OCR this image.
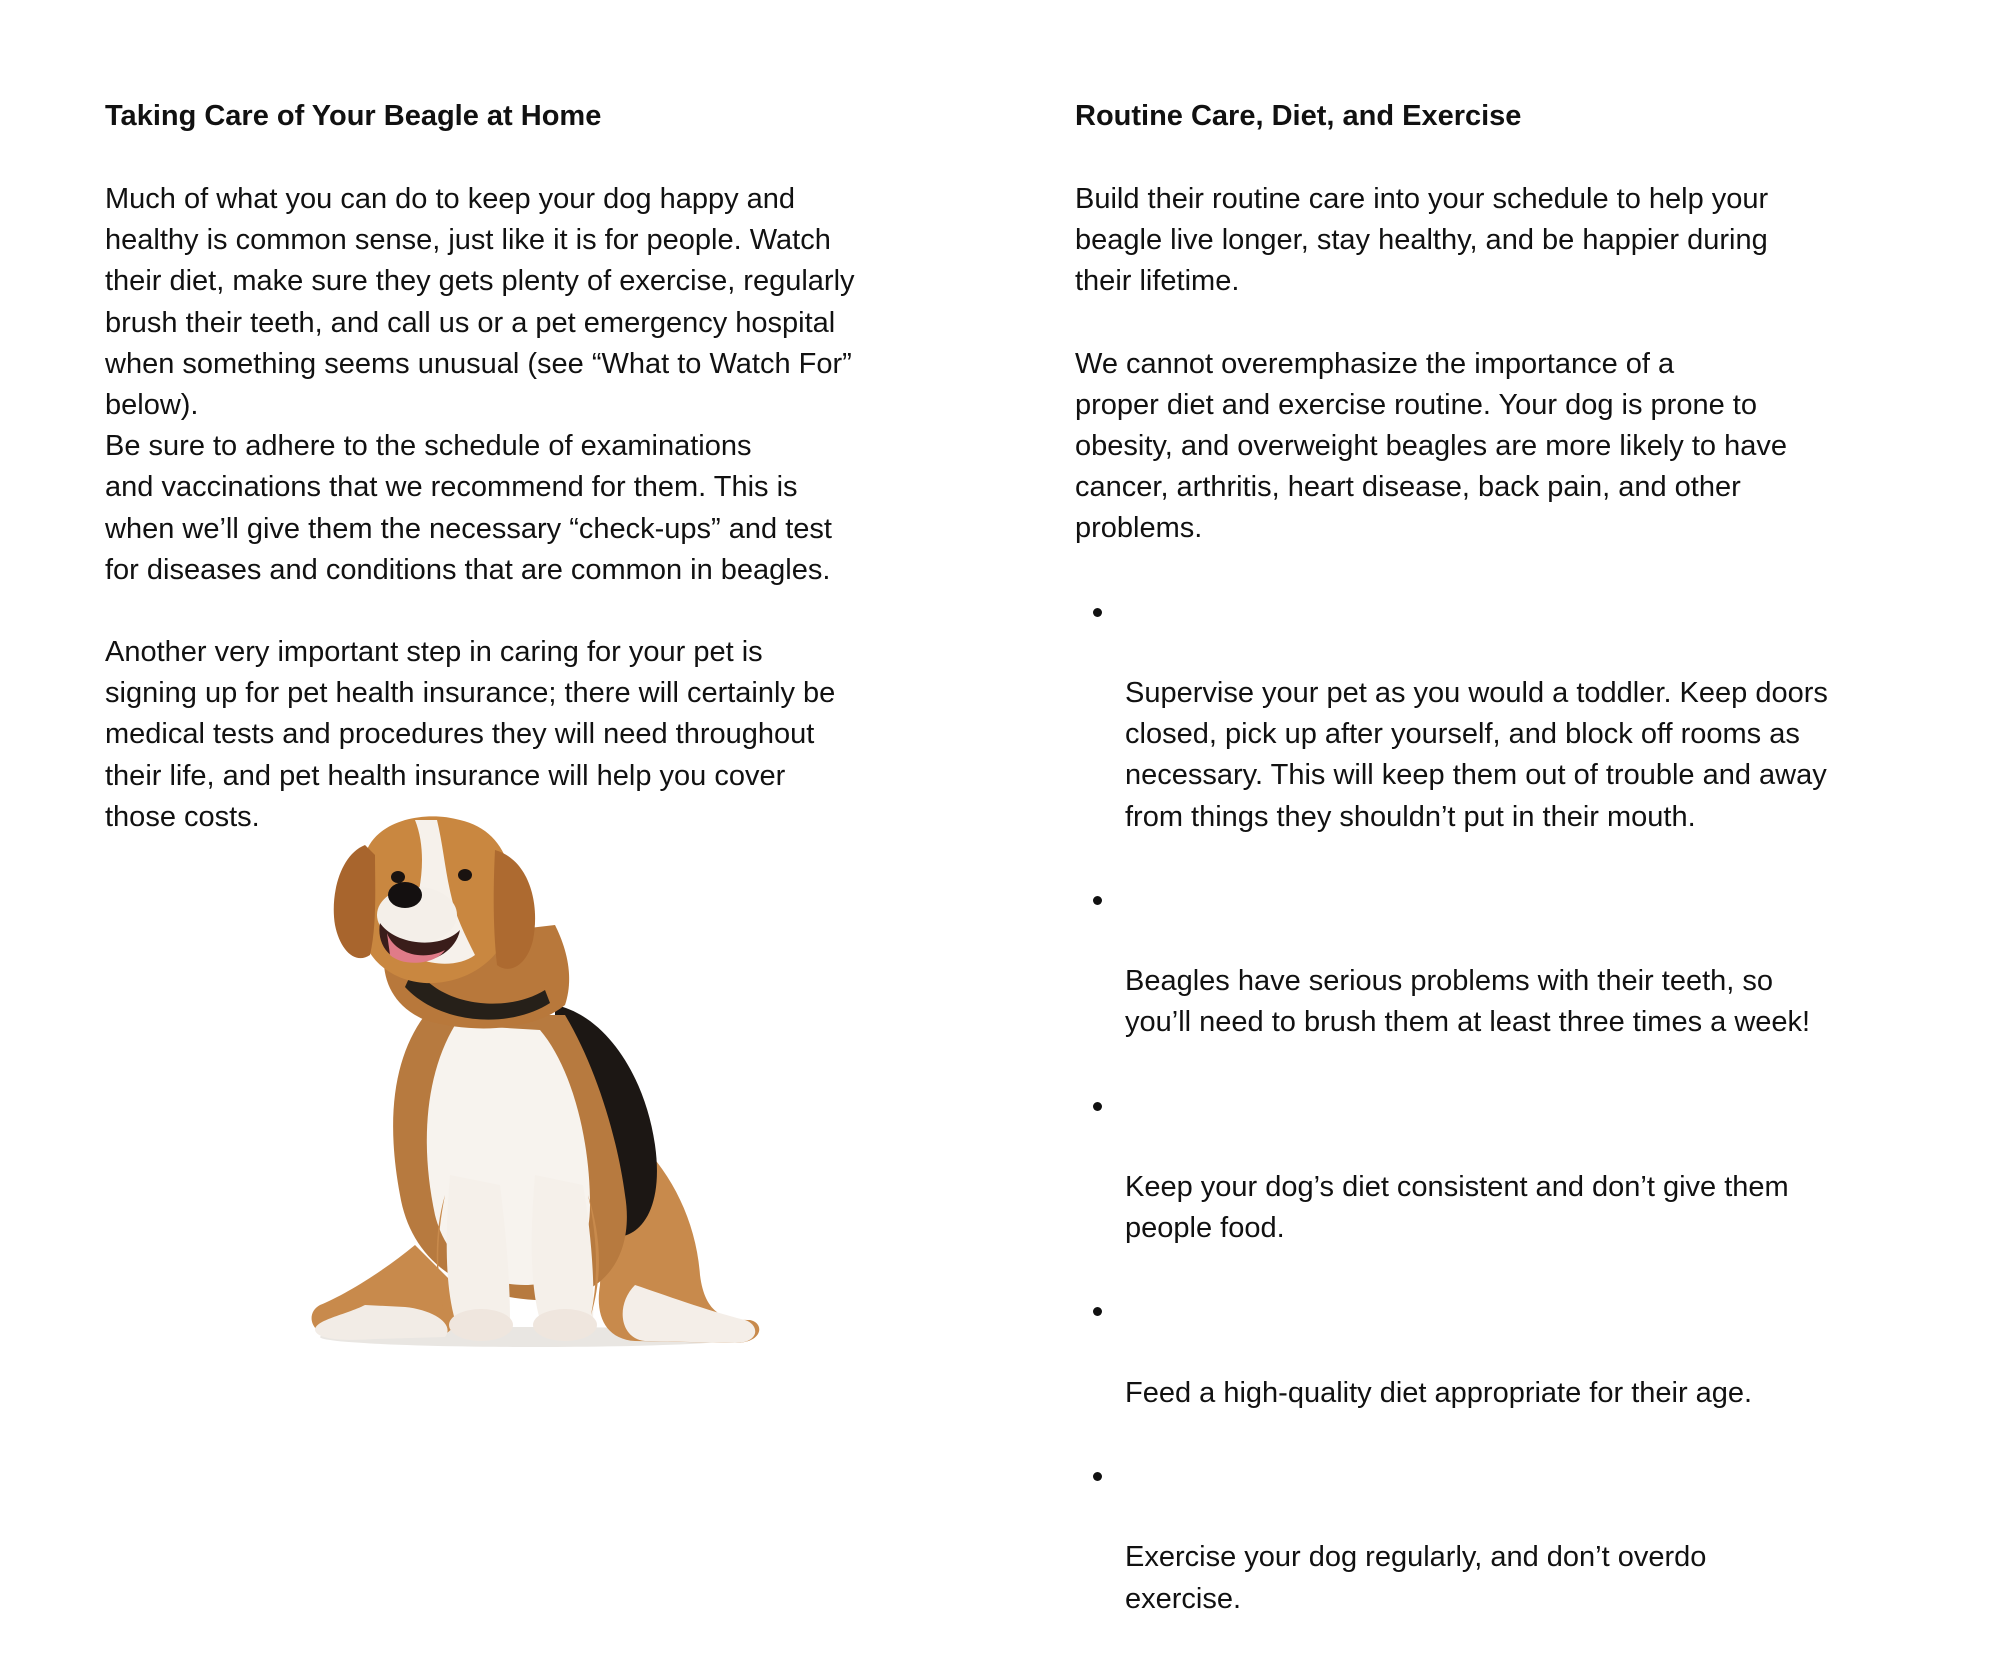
Taking Care of Your Beagle at Home

Much of what you can do to keep your dog happy and
healthy is common sense, just like it is for people. Watch
their diet, make sure they gets plenty of exercise, regularly
brush their teeth, and call us or a pet emergency hospital
when something seems unusual (see “What to Watch For”
below).
Be sure to adhere to the schedule of examinations
and vaccinations that we recommend for them. This is
when we’ll give them the necessary “check-ups” and test
for diseases and conditions that are common in beagles.

Another very important step in caring for your pet is
signing up for pet health insurance; there will certainly be
medical tests and procedures they will need throughout
their life, and pet health insurance will help you cover
those costs.

Routine Care, Diet, and Exercise

Build their routine care into your schedule to help your
beagle live longer, stay healthy, and be happier during
their lifetime.

We cannot overemphasize the importance of a
proper diet and exercise routine. Your dog is prone to
obesity, and overweight beagles are more likely to have
cancer, arthritis, heart disease, back pain, and other
problems.

Supervise your pet as you would a toddler. Keep doors
closed, pick up after yourself, and block off rooms as
necessary. This will keep them out of trouble and away
from things they shouldn’t put in their mouth.

Beagles have serious problems with their teeth, so
you’ll need to brush them at least three times a week!

Keep your dog’s diet consistent and don’t give them
people food.

Feed a high-quality diet appropriate for their age.

Exercise your dog regularly, and don’t overdo
exercise.
